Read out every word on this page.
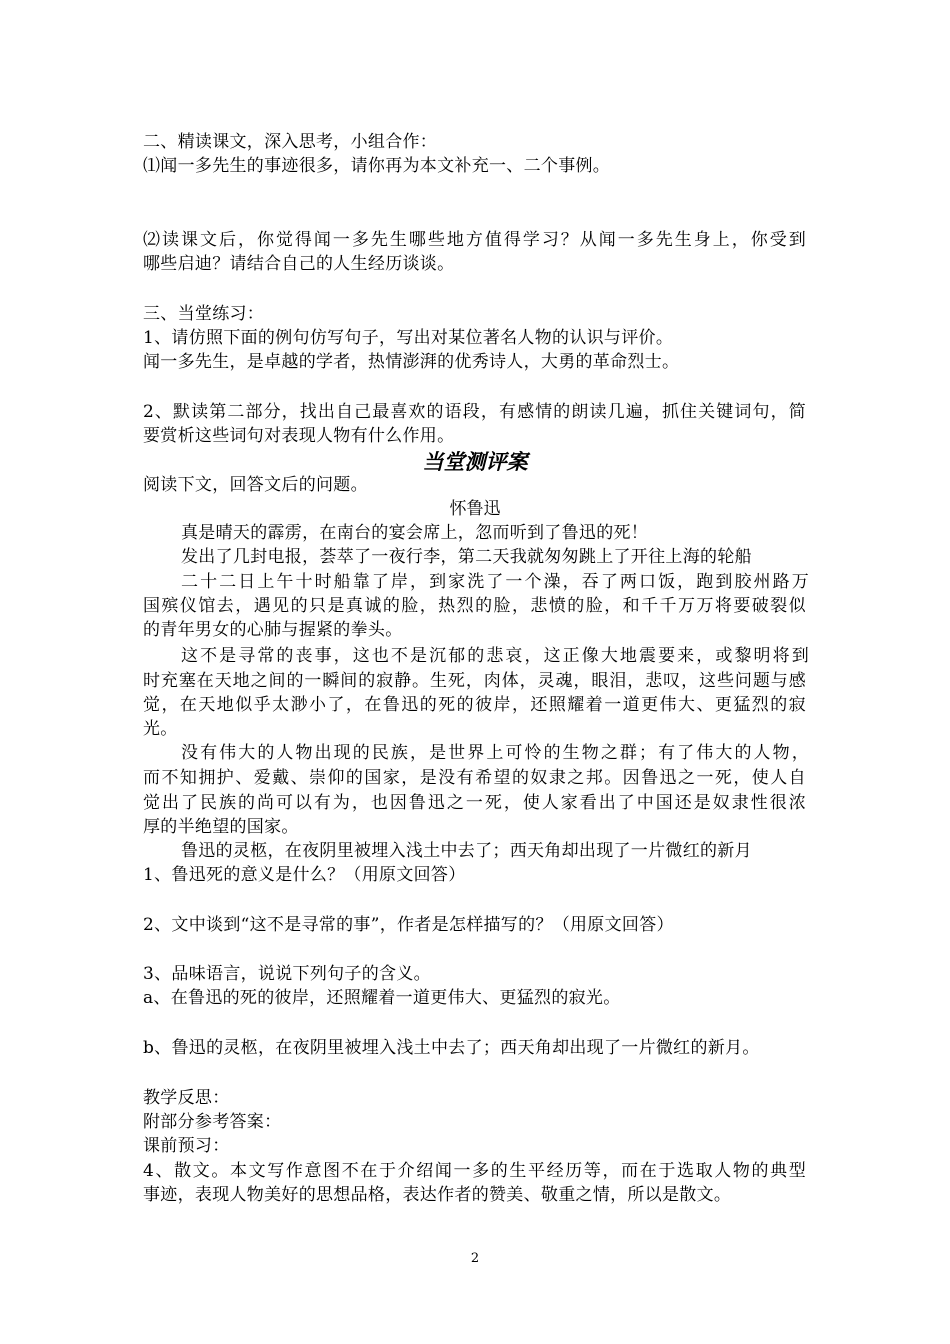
二、精读课文，深入思考，小组合作：
⑴闻一多先生的事迹很多，请你再为本文补充一、二个事例。
⑵读课文后，你觉得闻一多先生哪些地方值得学习？从闻一多先生身上，你受到
哪些启迪？请结合自己的人生经历谈谈。
三、当堂练习：
1、请仿照下面的例句仿写句子，写出对某位著名人物的认识与评价。
闻一多先生，是卓越的学者，热情澎湃的优秀诗人，大勇的革命烈士。
2、默读第二部分，找出自己最喜欢的语段，有感情的朗读几遍，抓住关键词句，简
要赏析这些词句对表现人物有什么作用。
当堂测评案
阅读下文，回答文后的问题。
怀鲁迅
真是晴天的霹雳，在南台的宴会席上，忽而听到了鲁迅的死！
发出了几封电报，荟萃了一夜行李，第二天我就匆匆跳上了开往上海的轮船
二十二日上午十时船靠了岸，到家洗了一个澡，吞了两口饭，跑到胶州路万
国殡仪馆去，遇见的只是真诚的脸，热烈的脸，悲愤的脸，和千千万万将要破裂似
的青年男女的心肺与握紧的拳头。
这不是寻常的丧事，这也不是沉郁的悲哀，这正像大地震要来，或黎明将到
时充塞在天地之间的一瞬间的寂静。生死，肉体，灵魂，眼泪，悲叹，这些问题与感
觉，在天地似乎太渺小了，在鲁迅的死的彼岸，还照耀着一道更伟大、更猛烈的寂
光。
没有伟大的人物出现的民族，是世界上可怜的生物之群；有了伟大的人物，
而不知拥护、爱戴、崇仰的国家，是没有希望的奴隶之邦。因鲁迅之一死，使人自
觉出了民族的尚可以有为，也因鲁迅之一死，使人家看出了中国还是奴隶性很浓
厚的半绝望的国家。
鲁迅的灵柩，在夜阴里被埋入浅土中去了；西天角却出现了一片微红的新月
1、鲁迅死的意义是什么？（用原文回答）
2、文中谈到“这不是寻常的事”，作者是怎样描写的？（用原文回答）
3、品味语言，说说下列句子的含义。
a、在鲁迅的死的彼岸，还照耀着一道更伟大、更猛烈的寂光。
b、鲁迅的灵柩，在夜阴里被埋入浅土中去了；西天角却出现了一片微红的新月。
教学反思：
附部分参考答案：
课前预习：
4、散文。本文写作意图不在于介绍闻一多的生平经历等，而在于选取人物的典型
事迹，表现人物美好的思想品格，表达作者的赞美、敬重之情，所以是散文。
2
